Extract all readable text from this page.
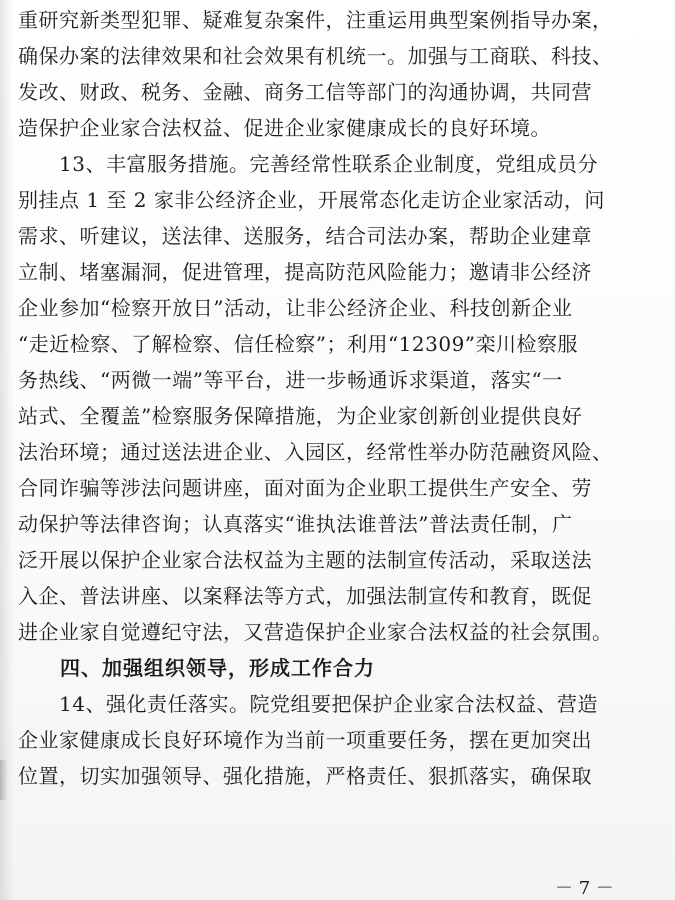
重研究新类型犯罪、疑难复杂案件，注重运用典型案例指导办案，
确保办案的法律效果和社会效果有机统一。加强与工商联、科技、
发改、财政、税务、金融、商务工信等部门的沟通协调，共同营
造保护企业家合法权益、促进企业家健康成长的良好环境。
　　13、丰富服务措施。完善经常性联系企业制度，党组成员分
别挂点 1 至 2 家非公经济企业，开展常态化走访企业家活动，问
需求、听建议，送法律、送服务，结合司法办案，帮助企业建章
立制、堵塞漏洞，促进管理，提高防范风险能力；邀请非公经济
企业参加“检察开放日”活动，让非公经济企业、科技创新企业
“走近检察、了解检察、信任检察”；利用“12309”栾川检察服
务热线、“两微一端”等平台，进一步畅通诉求渠道，落实“一
站式、全覆盖”检察服务保障措施，为企业家创新创业提供良好
法治环境；通过送法进企业、入园区，经常性举办防范融资风险、
合同诈骗等涉法问题讲座，面对面为企业职工提供生产安全、劳
动保护等法律咨询；认真落实“谁执法谁普法”普法责任制，广
泛开展以保护企业家合法权益为主题的法制宣传活动，采取送法
入企、普法讲座、以案释法等方式，加强法制宣传和教育，既促
进企业家自觉遵纪守法，又营造保护企业家合法权益的社会氛围。
　　四、加强组织领导，形成工作合力
　　14、强化责任落实。院党组要把保护企业家合法权益、营造
企业家健康成长良好环境作为当前一项重要任务，摆在更加突出
位置，切实加强领导、强化措施，严格责任、狠抓落实，确保取
－ 7 －
